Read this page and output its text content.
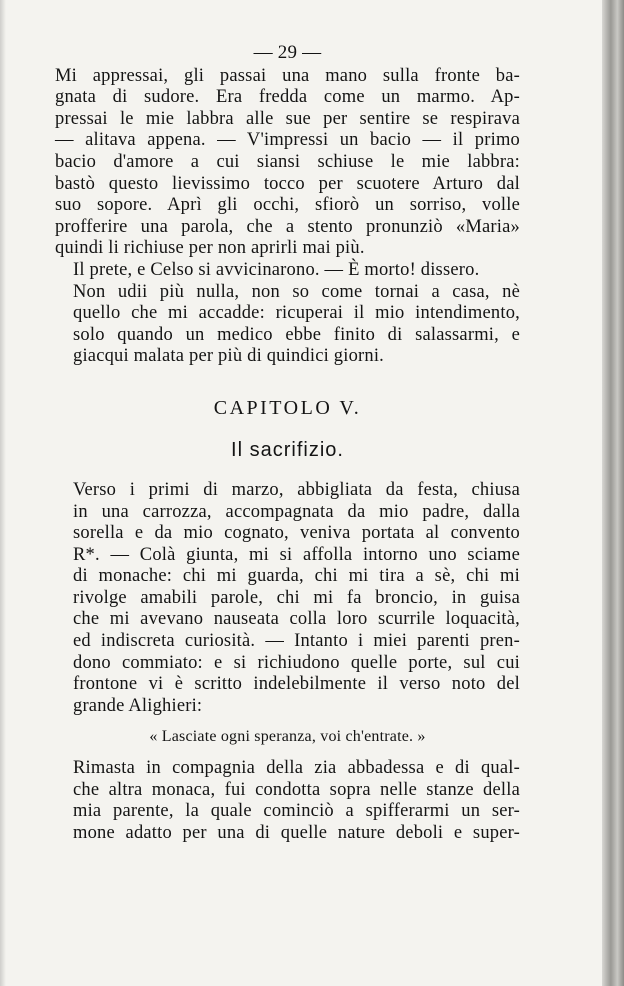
— 29 —

Mi appressai, gli passai una mano sulla fronte ba-
gnata di sudore. Era fredda come un marmo. Ap-
pressai le mie labbra alle sue per sentire se respirava
— alitava appena. — V'impressi un bacio — il primo
bacio d'amore a cui siansi schiuse le mie labbra:
bastò questo lievissimo tocco per scuotere Arturo dal
suo sopore. Aprì gli occhi, sfiorò un sorriso, volle
profferire una parola, che a stento pronunziò «Maria»
quindi li richiuse per non aprirli mai più.

Il prete, e Celso si avvicinarono. — È morto! dissero.

Non udii più nulla, non so come tornai a casa, nè
quello che mi accadde: ricuperai il mio intendimento,
solo quando un medico ebbe finito di salassarmi, e
giacqui malata per più di quindici giorni.

CAPITOLO V.
Il sacrifizio.

Verso i primi di marzo, abbigliata da festa, chiusa
in una carrozza, accompagnata da mio padre, dalla
sorella e da mio cognato, veniva portata al convento
R*. — Colà giunta, mi si affolla intorno uno sciame
di monache: chi mi guarda, chi mi tira a sè, chi mi
rivolge amabili parole, chi mi fa broncio, in guisa
che mi avevano nauseata colla loro scurrile loquacità,
ed indiscreta curiosità. — Intanto i miei parenti pren-
dono commiato: e si richiudono quelle porte, sul cui
frontone vi è scritto indelebilmente il verso noto del
grande Alighieri:

« Lasciate ogni speranza, voi ch'entrate. »

Rimasta in compagnia della zia abbadessa e di qual-
che altra monaca, fui condotta sopra nelle stanze della
mia parente, la quale cominciò a spifferarmi un ser-
mone adatto per una di quelle nature deboli e super-
